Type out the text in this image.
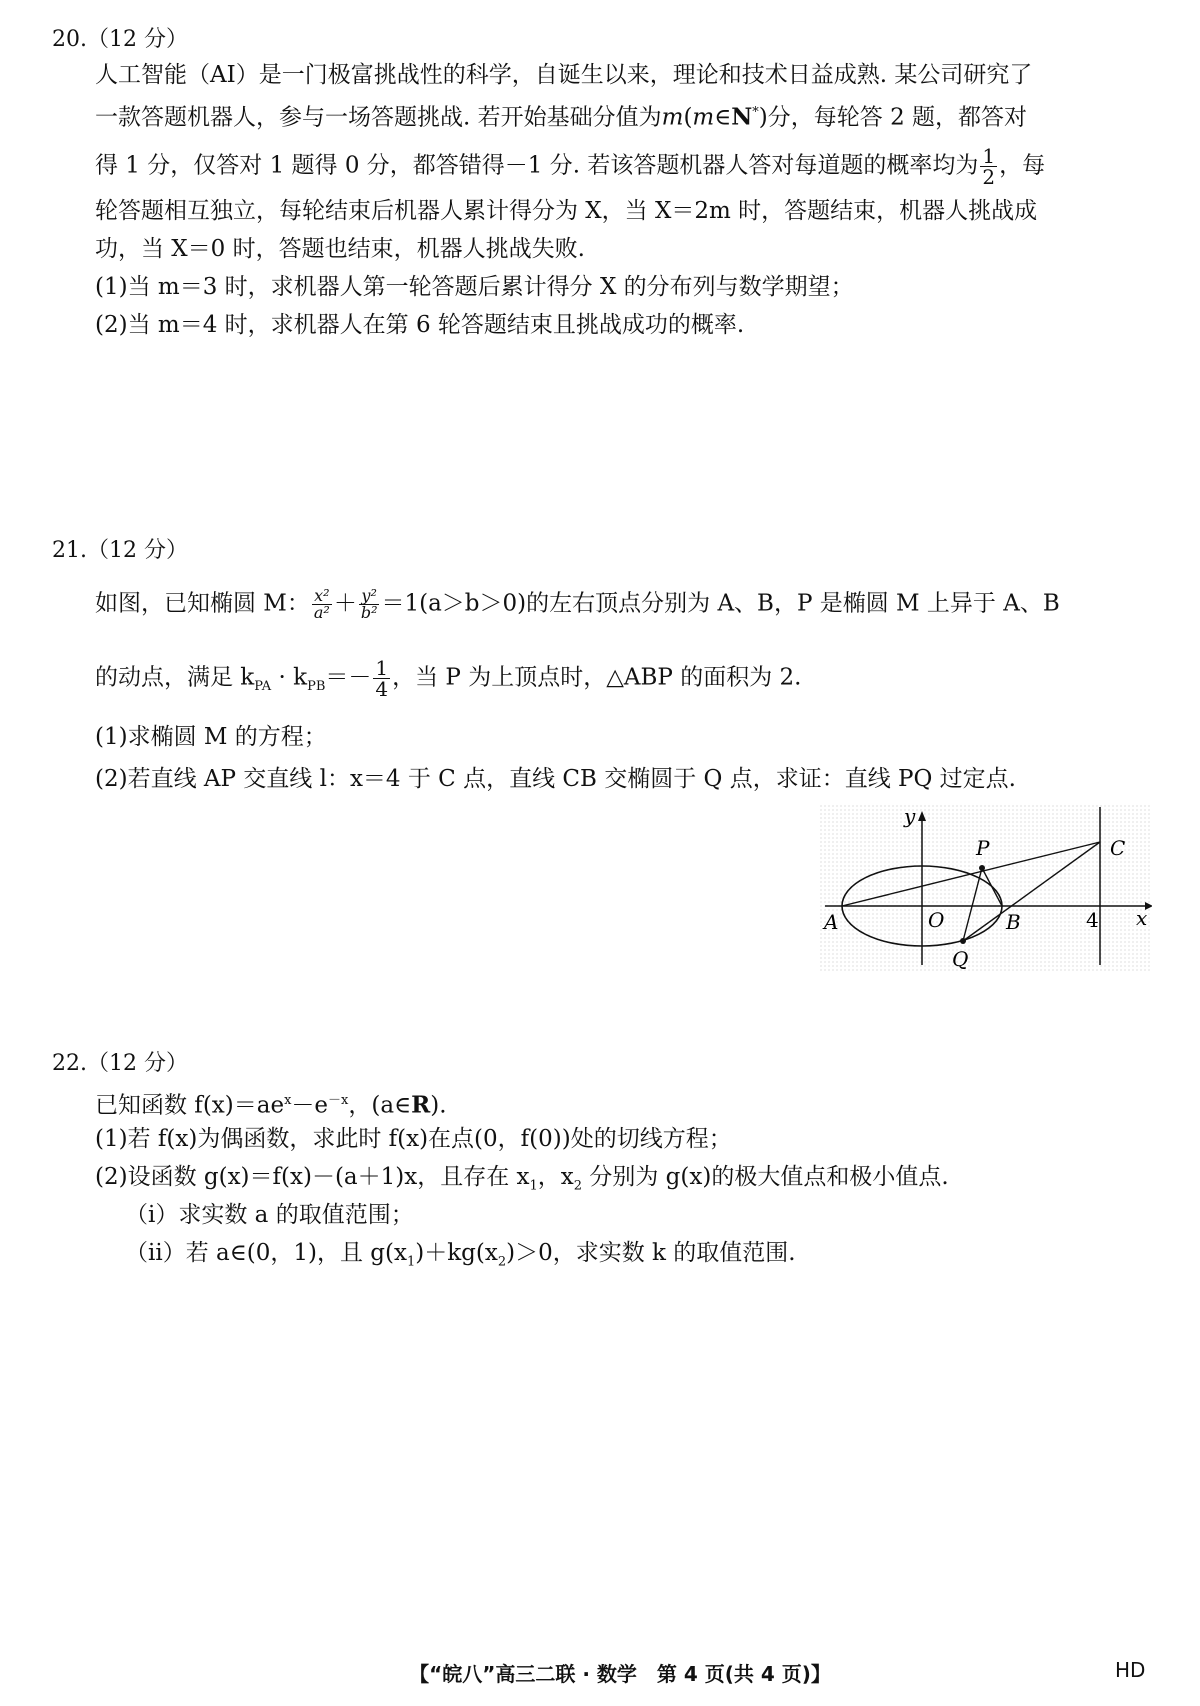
20.（12 分）
人工智能（AI）是一门极富挑战性的科学，自诞生以来，理论和技术日益成熟. 某公司研究了
一款答题机器人，参与一场答题挑战. 若开始基础分值为m(m∈N*)分，每轮答 2 题，都答对
得 1 分，仅答对 1 题得 0 分，都答错得－1 分. 若该答题机器人答对每道题的概率均为 $\frac{1}{2}$ ，每
轮答题相互独立，每轮结束后机器人累计得分为 X，当 X＝2m 时，答题结束，机器人挑战成
功，当 X＝0 时，答题也结束，机器人挑战失败.
(1)当 m＝3 时，求机器人第一轮答题后累计得分 X 的分布列与数学期望；
(2)当 m＝4 时，求机器人在第 6 轮答题结束且挑战成功的概率.
21.（12 分）
如图，已知椭圆 M： $\frac{\text{x²}}{\text{a²}} + \frac{\text{y²}}{\text{b²}} =1(a>b>0)$的左右顶点分别为 A、B，P 是椭圆 M 上异于 A、B
的动点，满足 $k_{PA} \cdot k_{PB}=- \frac{1}{4}$ ，当 P 为上顶点时，△ABP 的面积为 2.
(1)求椭圆 M 的方程；
(2)若直线 AP 交直线 l：x＝4 于 C 点，直线 CB 交椭圆于 Q 点，求证：直线 PQ 过定点.
y
x
P	C
A	O	B	4
Q
22.（12 分）
已知函数 $f(x)=ae^x-e^{-x}$，(a∈R).
(1)若 f(x)为偶函数，求此时 f(x)在点(0，f(0))处的切线方程；
(2)设函数 g(x)＝f(x)－(a＋1)x，且存在 $x_1$，$x_2$ 分别为 g(x)的极大值点和极小值点.
（ⅰ）求实数 a 的取值范围；
（ⅱ）若 a∈(0，1)，且 $g(x_1)+kg(x_2)>0$，求实数 k 的取值范围.
【“皖八”高三二联 · 数学　第 4 页(共 4 页)】	HD
